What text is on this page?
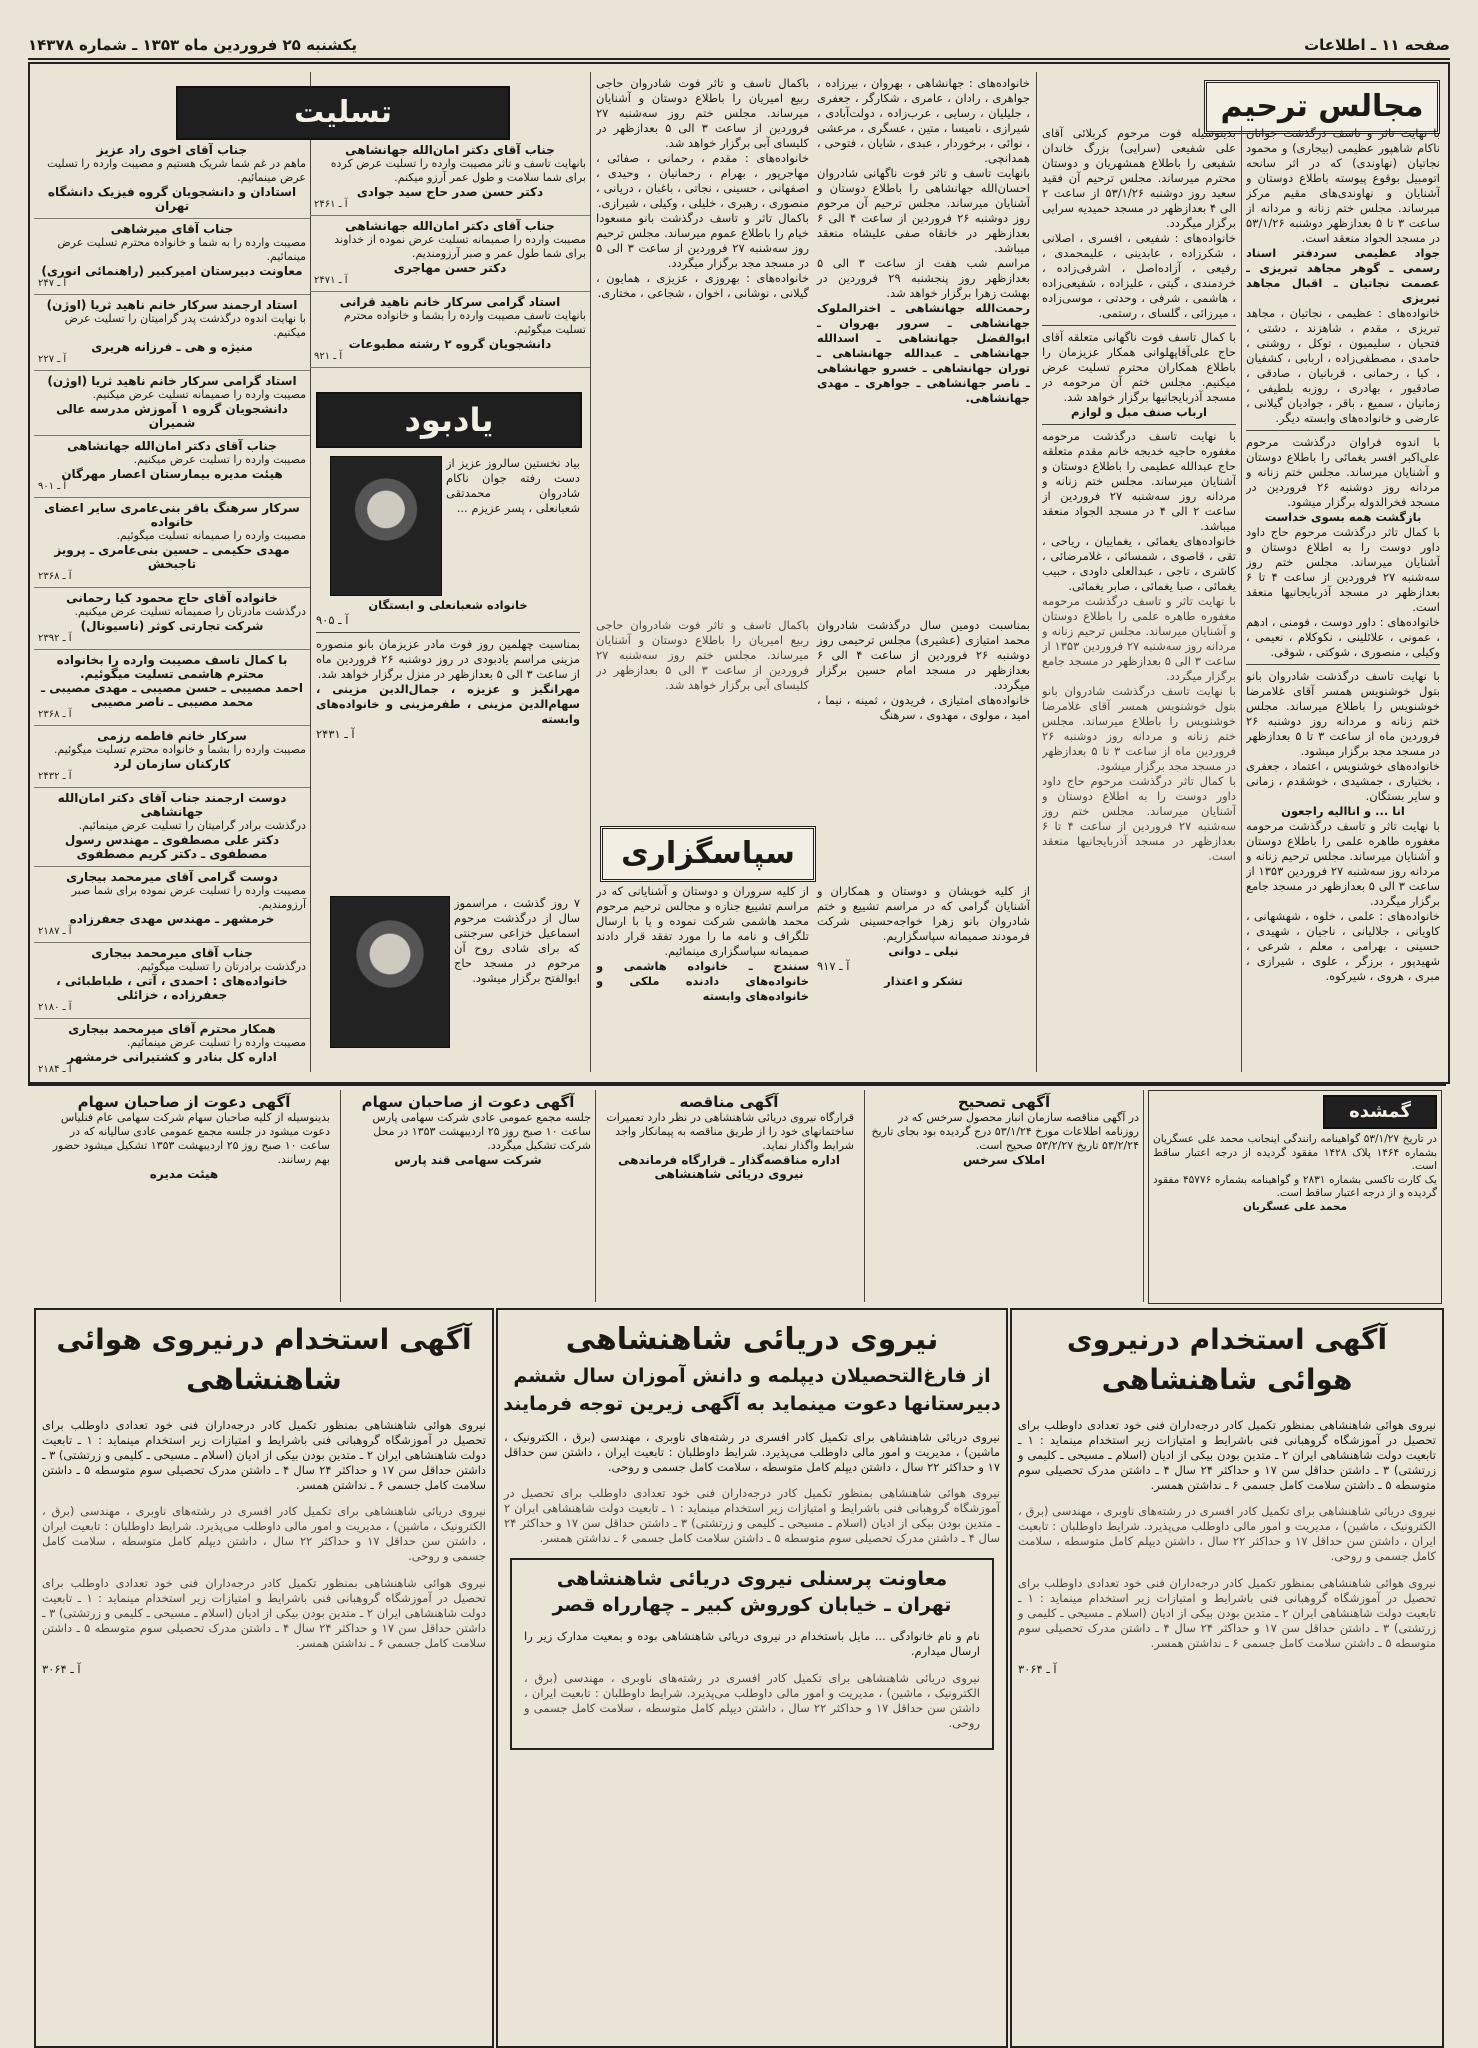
صفحه ۱۱ ـ اطلاعات
یکشنبه ۲۵ فروردین ماه ۱۳۵۳ ـ شماره ۱۴۳۷۸
مجالس ترحیم

با نهایت تاثر و تاسف درگذشت جوانان ناکام شاهپور عظیمی (بیجاری) و محمود نجاتیان (نهاوندی) که در اثر سانحه اتومبیل بوقوع پیوسته باطلاع دوستان و آشنایان و نهاوندی‌های مقیم مرکز میرساند. مجلس ختم زنانه و مردانه از ساعت ۳ تا ۵ بعدازظهر دوشنبه ۵۳/۱/۲۶ در مسجد الجواد منعقد است.

جواد عظیمی سردفتر اسناد رسمی ـ گوهر مجاهد تبریزی ـ عصمت نجاتیان ـ اقبال مجاهد تبریزی

خانواده‌های : عظیمی ، نجاتیان ، مجاهد تبریزی ، مقدم ، شاهزند ، دشتی ، فتحیان ، سلیمیون ، توکل ، روشنی ، حامدی ، مصطفی‌زاده ، اربابی ، کشفیان ، کیا ، رحمانی ، قربانیان ، صادقی ، صادقیور ، بهادری ، روزبه بلطیفی ، زمانیان ، سمیع ، باقر ، جوادیان گیلانی ، عارضی و خانواده‌های وابسته دیگر.

با اندوه فراوان درگذشت مرحوم علی‌اکبر افسر یغمائی را باطلاع دوستان و آشنایان میرساند. مجلس ختم زنانه و مردانه روز دوشنبه ۲۶ فروردین در مسجد فخرالدوله برگزار میشود.

بازگشت همه بسوی خداست

با کمال تاثر درگذشت مرحوم حاج داود داور دوست را به اطلاع دوستان و آشنایان میرساند. مجلس ختم روز سه‌شنبه ۲۷ فروردین از ساعت ۴ تا ۶ بعدازظهر در مسجد آذربایجانیها منعقد است.

خانواده‌های : داور دوست ، فومنی ، ادهم ، عمونی ، علائلینی ، نکوکلام ، نعیمی ، وکیلی ، منصوری ، شوکتی ، شوقی.

با نهایت تاسف درگذشت شادروان بانو بتول خوشنویس همسر آقای غلامرضا خوشنویس را باطلاع میرساند. مجلس ختم زنانه و مردانه روز دوشنبه ۲۶ فروردین ماه از ساعت ۳ تا ۵ بعدازظهر در مسجد مجد برگزار میشود.

خانواده‌های خوشنویس ، اعتماد ، جعفری ، بختیاری ، جمشیدی ، خوشقدم ، زمانی و سایر بستگان.

انا ... و اناالیه راجعون

با نهایت تاثر و تاسف درگذشت مرحومه مغفوره طاهره علمی را باطلاع دوستان و آشنایان میرساند. مجلس ترحیم زنانه و مردانه روز سه‌شنبه ۲۷ فروردین ۱۳۵۳ از ساعت ۳ الی ۵ بعدازظهر در مسجد جامع برگزار میگردد.

خانواده‌های : علمی ، خلوه ، شهشهانی ، کاویانی ، جلالیانی ، ناجیان ، شهیدی ، حسینی ، بهرامی ، معلم ، شرعی ، شهیدپور ، برزگر ، علوی ، شیرازی ، مبری ، هروی ، شیرکوه.

بدینوسیله فوت مرحوم کربلائی آقای علی شفیعی (سرایی) بزرگ خاندان شفیعی را باطلاع همشهریان و دوستان محترم میرساند. مجلس ترحیم آن فقید سعید روز دوشنبه ۵۳/۱/۲۶ از ساعت ۲ الی ۴ بعدازظهر در مسجد حمیدیه سرایی برگزار میگردد.

خانواده‌های : شفیعی ، افسری ، اصلانی ، شکرزاده ، عابدینی ، علیمحمدی ، رفیعی ، آزاده‌اصل ، اشرفی‌زاده ، خردمندی ، گیتی ، علیزاده ، شفیعی‌زاده ، هاشمی ، شرفی ، وحدتی ، موسی‌زاده ، میرزائی ، گلسای ، رستمی.

با کمال تاسف فوت ناگهانی متعلقه آقای حاج علی‌آقاپهلوانی همکار عزیزمان را باطلاع همکاران محترم تسلیت عرض میکنیم. مجلس ختم آن مرحومه در مسجد آذربایجانیها برگزار خواهد شد.

ارباب صنف مبل و لوازم

با نهایت تاسف درگذشت مرحومه مغفوره حاجیه خدیجه خانم مقدم متعلقه حاج عبدالله عطیمی را باطلاع دوستان و آشنایان میرساند. مجلس ختم زنانه و مردانه روز سه‌شنبه ۲۷ فروردین از ساعت ۲ الی ۴ در مسجد الجواد منعقد میباشد.

خانواده‌های یغمائی ، یغماییان ، ریاحی ، تقی ، قاصوی ، شمسائی ، غلامرضائی ، کاشری ، تاجی ، عبدالعلی داودی ، حبیب یغمائی ، صبا یغمائی ، صابر یغمائی.

با نهایت تاثر و تاسف درگذشت مرحومه مغفوره طاهره علمی را باطلاع دوستان و آشنایان میرساند. مجلس ترحیم زنانه و مردانه روز سه‌شنبه ۲۷ فروردین ۱۳۵۳ از ساعت ۳ الی ۵ بعدازظهر در مسجد جامع برگزار میگردد.

با نهایت تاسف درگذشت شادروان بانو بتول خوشنویس همسر آقای غلامرضا خوشنویس را باطلاع میرساند. مجلس ختم زنانه و مردانه روز دوشنبه ۲۶ فروردین ماه از ساعت ۳ تا ۵ بعدازظهر در مسجد مجد برگزار میشود.

با کمال تاثر درگذشت مرحوم حاج داود داور دوست را به اطلاع دوستان و آشنایان میرساند. مجلس ختم روز سه‌شنبه ۲۷ فروردین از ساعت ۴ تا ۶ بعدازظهر در مسجد آذربایجانیها منعقد است.

خانواده‌های : جهانشاهی ، بهروان ، بیرزاده ، جواهری ، رادان ، عامری ، شکارگر ، جعفری ، جلیلیان ، رسایی ، عرب‌زاده ، دولت‌آبادی ، شیرازی ، نامیسا ، متین ، عسگری ، مرعشی ، نوائی ، برخوردار ، عبدی ، شایان ، فتوحی ، همدانچی.

بانهایت تاسف و تاثر فوت ناگهانی شادروان احسان‌الله جهانشاهی را باطلاع دوستان و آشنایان میرساند. مجلس ترحیم آن مرحوم روز دوشنبه ۲۶ فروردین از ساعت ۴ الی ۶ بعدازظهر در خانقاه صفی علیشاه منعقد میباشد.

مراسم شب هفت از ساعت ۳ الی ۵ بعدازظهر روز پنجشنبه ۲۹ فروردین در بهشت زهرا برگزار خواهد شد.

رحمت‌الله جهانشاهی ـ اختر‌الملوک جهانشاهی ـ سرور بهروان ـ ابوالفضل جهانشاهی ـ اسدالله جهانشاهی ـ عبدالله جهانشاهی ـ توران جهانشاهی ـ خسرو جهانشاهی ـ ناصر جهانشاهی ـ جواهری ـ مهدی جهانشاهی.

باکمال تاسف و تاثر فوت شادروان حاجی ربیع امیریان را باطلاع دوستان و آشنایان میرساند. مجلس ختم روز سه‌شنبه ۲۷ فروردین از ساعت ۳ الی ۵ بعدازظهر در کلیسای آبی برگزار خواهد شد.

خانواده‌های : مقدم ، رحمانی ، صفائی ، مهاجرپور ، بهرام ، رحمانیان ، وحیدی ، اصفهانی ، حسینی ، نجاتی ، باغبان ، دریانی ، منصوری ، رهبری ، خلیلی ، وکیلی ، شیرازی.

باکمال تاثر و تاسف درگذشت بانو مسعودا خیام را باطلاع عموم میرساند. مجلس ترحیم روز سه‌شنبه ۲۷ فروردین از ساعت ۳ الی ۵ در مسجد مجد برگزار میگردد.

خانواده‌های : بهروزی ، عزیزی ، همایون ، گیلانی ، نوشانی ، اخوان ، شجاعی ، مختاری.

بمناسبت دومین سال درگذشت شادروان محمد امتیازی (عشیری) مجلس ترحیمی روز دوشنبه ۲۶ فروردین از ساعت ۴ الی ۶ بعدازظهر در مسجد امام حسین برگزار میگردد.

خانواده‌های امتیازی ، فریدون ، ثمینه ، نیما ، امید ، مولوی ، مهدوی ، سرهنگ

باکمال تاسف و تاثر فوت شادروان حاجی ربیع امیریان را باطلاع دوستان و آشنایان میرساند. مجلس ختم روز سه‌شنبه ۲۷ فروردین از ساعت ۳ الی ۵ بعدازظهر در کلیسای آبی برگزار خواهد شد.

سپاسگزاری

از کلیه خویشان و دوستان و همکاران و آشنایان گرامی که در مراسم تشییع و ختم شادروان بانو زهرا خواجه‌حسینی شرکت فرمودند صمیمانه سپاسگزاریم.

نیلی ـ دوانی

آ ـ ۹۱۷

تشکر و اعتذار

از کلیه سروران و دوستان و آشنایانی که در مراسم تشییع جنازه و مجالس ترحیم مرحوم محمد هاشمی شرکت نموده و یا با ارسال تلگراف و نامه ما را مورد تفقد قرار دادند صمیمانه سپاسگزاری مینمائیم.

سنندج ـ خانواده هاشمی و خانواده‌های دادنده ملکی و خانواده‌های وابسته

یادبود

بیاد نخستین سالروز عزیز از دست رفته جوان ناکام شادروان محمدتقی شعبانعلی ، پسر عزیزم ...

خانواده شعبانعلی و ابستگان

آ ـ ۹۰۵

بمناسبت چهلمین روز فوت مادر عزیزمان بانو منصوره مزینی مراسم یادبودی در روز دوشنبه ۲۶ فروردین ماه از ساعت ۳ الی ۵ بعدازظهر در منزل برگزار خواهد شد.

مهرانگیز و عزیزه ، جمال‌الدین مزینی ، سهام‌الدین مزینی ، طفرمزینی و خانواده‌های وابسته

آ ـ ۲۴۳۱

۷ روز گذشت ، مراسموز سال از درگذشت مرحوم اسماعیل خزاعی سرجنتی که برای شادی روح آن مرحوم در مسجد حاج ابوالفتح برگزار میشود.

تسلیت
جناب آقای دکتر امان‌الله جهانشاهی
بانهایت تاسف و تاثر مصیبت وارده را تسلیت عرض کرده برای شما سلامت و طول عمر آرزو میکنم.
دکتر حسن صدر حاج سید جوادی
آ ـ ۲۴۶۱
جناب آقای دکتر امان‌الله جهانشاهی
مصیبت وارده را صمیمانه تسلیت عرض نموده از خداوند برای شما طول عمر و صبر آرزومندیم.
دکتر حسن مهاجری
آ ـ ۲۴۷۱
استاد گرامی سرکار خانم ناهید قرانی
بانهایت تاسف مصیبت وارده را بشما و خانواده محترم تسلیت میگوئیم.
دانشجویان گروه ۲ رشته مطبوعات
آ ـ ۹۲۱
جناب آقای اخوی راد عزیز
ماهم در غم شما شریک هستیم و مصیبت وارده را تسلیت عرض مینمائیم.
استادان و دانشجویان گروه فیزیک دانشگاه تهران
جناب آقای میرشاهی
مصیبت وارده را به شما و خانواده محترم تسلیت عرض مینمائیم.
معاونت دبیرستان امیرکبیر (راهنمائی انوری)
آ ـ ۲۴۷
استاد ارجمند سرکار خانم ناهید ثریا (اوژن)
با نهایت اندوه درگذشت پدر گرامیتان را تسلیت عرض میکنیم.
منیژه و هی ـ فرزانه هریری
آ ـ ۲۲۷
استاد گرامی سرکار خانم ناهید ثریا (اوژن)
مصیبت وارده را صمیمانه تسلیت عرض میکنیم.
دانشجویان گروه ۱ آموزش مدرسه عالی شمیران
جناب آقای دکتر امان‌الله جهانشاهی
مصیبت وارده را تسلیت عرض میکنیم.
هیئت مدیره بیمارستان اعصار مهرگان
آ ـ ۹۰۱
سرکار سرهنگ باقر بنی‌عامری سایر اعضای خانواده
مصیبت وارده را صمیمانه تسلیت میگوئیم.
مهدی حکیمی ـ حسین بنی‌عامری ـ پرویز تاجبخش
آ ـ ۲۳۶۸
خانواده آقای حاج محمود کیا رحمانی
درگذشت مادرتان را صمیمانه تسلیت عرض میکنیم.
شرکت تجارتی کوثر (ناسیونال)
آ ـ ۲۳۹۲
با کمال تاسف مصیبت وارده را بخانواده محترم هاشمی تسلیت میگوئیم.
احمد مصیبی ـ حسن مصیبی ـ مهدی مصیبی ـ محمد مصیبی ـ ناصر مصیبی
آ ـ ۲۳۶۸
سرکار خانم فاطمه رزمی
مصیبت وارده را بشما و خانواده محترم تسلیت میگوئیم.
کارکنان سازمان لرد
آ ـ ۲۴۳۲
دوست ارجمند جناب آقای دکتر امان‌الله جهانشاهی
درگذشت برادر گرامیتان را تسلیت عرض مینمائیم.
دکتر علی مصطفوی ـ مهندس رسول مصطفوی ـ دکتر کریم مصطفوی
دوست گرامی آقای میرمحمد بیجاری
مصیبت وارده را تسلیت عرض نموده برای شما صبر آرزومندیم.
خرمشهر ـ مهندس مهدی جعفرزاده
آ ـ ۲۱۸۷
جناب آقای میرمحمد بیجاری
درگذشت برادرتان را تسلیت میگوئیم.
خانواده‌های : احمدی ، آتی ، طباطبائی ، جعفرزاده ، خزائلی
آ ـ ۲۱۸۰
همکار محترم آقای میرمحمد بیجاری
مصیبت وارده را تسلیت عرض مینمائیم.
اداره کل بنادر و کشتیرانی خرمشهر
آ ـ ۲۱۸۴
گمشده

در تاریخ ۵۳/۱/۲۷ گواهینامه رانندگی اینجانب محمد علی عسگریان بشماره ۱۴۶۴ پلاک ۱۴۲۸ مفقود گردیده از درجه اعتبار ساقط است.

یک کارت تاکسی بشماره ۲۸۳۱ و گواهینامه بشماره ۴۵۷۷۶ مفقود گردیده و از درجه اعتبار ساقط است.

محمد علی عسگریان

آگهی تصحیح
در آگهی مناقصه سازمان انبار محصول سرخس که در روزنامه اطلاعات مورخ ۵۳/۱/۲۴ درج گردیده بود بجای تاریخ ۵۳/۲/۲۴ تاریخ ۵۳/۲/۲۷ صحیح است.
املاک سرخس
آگهی مناقصه
قرارگاه نیروی دریائی شاهنشاهی در نظر دارد تعمیرات ساختمانهای خود را از طریق مناقصه به پیمانکار واجد شرایط واگذار نماید.
اداره مناقصه‌گذار ـ قرارگاه فرماندهی نیروی دریائی شاهنشاهی
آگهی دعوت از صاحبان سهام
جلسه مجمع عمومی عادی شرکت سهامی پارس ساعت ۱۰ صبح روز ۲۵ اردیبهشت ۱۳۵۳ در محل شرکت تشکیل میگردد.
شرکت سهامی قند پارس
آگهی دعوت از صاحبان سهام
بدینوسیله از کلیه صاحبان سهام شرکت سهامی عام فنلیاس دعوت میشود در جلسه مجمع عمومی عادی سالیانه که در ساعت ۱۰ صبح روز ۲۵ اردیبهشت ۱۳۵۳ تشکیل میشود حضور بهم رسانند.
هیئت مدیره
آگهی استخدام درنیروی هوائی شاهنشاهی

نیروی هوائی شاهنشاهی بمنظور تکمیل کادر درجه‌داران فنی خود تعدادی داوطلب برای تحصیل در آموزشگاه گروهبانی فنی باشرایط و امتیازات زیر استخدام مینماید : ۱ ـ تابعیت دولت شاهنشاهی ایران ۲ ـ متدین بودن بیکی از ادیان (اسلام ـ مسیحی ـ کلیمی و زرتشتی) ۳ ـ داشتن حداقل سن ۱۷ و حداکثر ۲۴ سال ۴ ـ داشتن مدرک تحصیلی سوم متوسطه ۵ ـ داشتن سلامت کامل جسمی ۶ ـ نداشتن همسر.

نیروی دریائی شاهنشاهی برای تکمیل کادر افسری در رشته‌های ناوبری ، مهندسی (برق ، الکترونیک ، ماشین) ، مدیریت و امور مالی داوطلب می‌پذیرد. شرایط داوطلبان : تابعیت ایران ، داشتن سن حداقل ۱۷ و حداکثر ۲۲ سال ، داشتن دیپلم کامل متوسطه ، سلامت کامل جسمی و روحی.

نیروی هوائی شاهنشاهی بمنظور تکمیل کادر درجه‌داران فنی خود تعدادی داوطلب برای تحصیل در آموزشگاه گروهبانی فنی باشرایط و امتیازات زیر استخدام مینماید : ۱ ـ تابعیت دولت شاهنشاهی ایران ۲ ـ متدین بودن بیکی از ادیان (اسلام ـ مسیحی ـ کلیمی و زرتشتی) ۳ ـ داشتن حداقل سن ۱۷ و حداکثر ۲۴ سال ۴ ـ داشتن مدرک تحصیلی سوم متوسطه ۵ ـ داشتن سلامت کامل جسمی ۶ ـ نداشتن همسر.

آ ـ ۳۰۶۴

نیروی دریائی شاهنشاهی
از فارغ‌التحصیلان دیپلمه و دانش آموزان سال ششم
دبیرستانها دعوت مینماید به آگهی زیرین توجه فرمایند

نیروی دریائی شاهنشاهی برای تکمیل کادر افسری در رشته‌های ناوبری ، مهندسی (برق ، الکترونیک ، ماشین) ، مدیریت و امور مالی داوطلب می‌پذیرد. شرایط داوطلبان : تابعیت ایران ، داشتن سن حداقل ۱۷ و حداکثر ۲۲ سال ، داشتن دیپلم کامل متوسطه ، سلامت کامل جسمی و روحی.

نیروی هوائی شاهنشاهی بمنظور تکمیل کادر درجه‌داران فنی خود تعدادی داوطلب برای تحصیل در آموزشگاه گروهبانی فنی باشرایط و امتیازات زیر استخدام مینماید : ۱ ـ تابعیت دولت شاهنشاهی ایران ۲ ـ متدین بودن بیکی از ادیان (اسلام ـ مسیحی ـ کلیمی و زرتشتی) ۳ ـ داشتن حداقل سن ۱۷ و حداکثر ۲۴ سال ۴ ـ داشتن مدرک تحصیلی سوم متوسطه ۵ ـ داشتن سلامت کامل جسمی ۶ ـ نداشتن همسر.

معاونت پرسنلی نیروی دریائی شاهنشاهی
تهران ـ خیابان کوروش کبیر ـ چهارراه قصر

نام و نام خانوادگی ... مایل باستخدام در نیروی دریائی شاهنشاهی بوده و بمعیت مدارک زیر را ارسال میدارم.

نیروی دریائی شاهنشاهی برای تکمیل کادر افسری در رشته‌های ناوبری ، مهندسی (برق ، الکترونیک ، ماشین) ، مدیریت و امور مالی داوطلب می‌پذیرد. شرایط داوطلبان : تابعیت ایران ، داشتن سن حداقل ۱۷ و حداکثر ۲۲ سال ، داشتن دیپلم کامل متوسطه ، سلامت کامل جسمی و روحی.

آگهی استخدام درنیروی هوائی شاهنشاهی

نیروی هوائی شاهنشاهی بمنظور تکمیل کادر درجه‌داران فنی خود تعدادی داوطلب برای تحصیل در آموزشگاه گروهبانی فنی باشرایط و امتیازات زیر استخدام مینماید : ۱ ـ تابعیت دولت شاهنشاهی ایران ۲ ـ متدین بودن بیکی از ادیان (اسلام ـ مسیحی ـ کلیمی و زرتشتی) ۳ ـ داشتن حداقل سن ۱۷ و حداکثر ۲۴ سال ۴ ـ داشتن مدرک تحصیلی سوم متوسطه ۵ ـ داشتن سلامت کامل جسمی ۶ ـ نداشتن همسر.

نیروی دریائی شاهنشاهی برای تکمیل کادر افسری در رشته‌های ناوبری ، مهندسی (برق ، الکترونیک ، ماشین) ، مدیریت و امور مالی داوطلب می‌پذیرد. شرایط داوطلبان : تابعیت ایران ، داشتن سن حداقل ۱۷ و حداکثر ۲۲ سال ، داشتن دیپلم کامل متوسطه ، سلامت کامل جسمی و روحی.

نیروی هوائی شاهنشاهی بمنظور تکمیل کادر درجه‌داران فنی خود تعدادی داوطلب برای تحصیل در آموزشگاه گروهبانی فنی باشرایط و امتیازات زیر استخدام مینماید : ۱ ـ تابعیت دولت شاهنشاهی ایران ۲ ـ متدین بودن بیکی از ادیان (اسلام ـ مسیحی ـ کلیمی و زرتشتی) ۳ ـ داشتن حداقل سن ۱۷ و حداکثر ۲۴ سال ۴ ـ داشتن مدرک تحصیلی سوم متوسطه ۵ ـ داشتن سلامت کامل جسمی ۶ ـ نداشتن همسر.

آ ـ ۳۰۶۴
